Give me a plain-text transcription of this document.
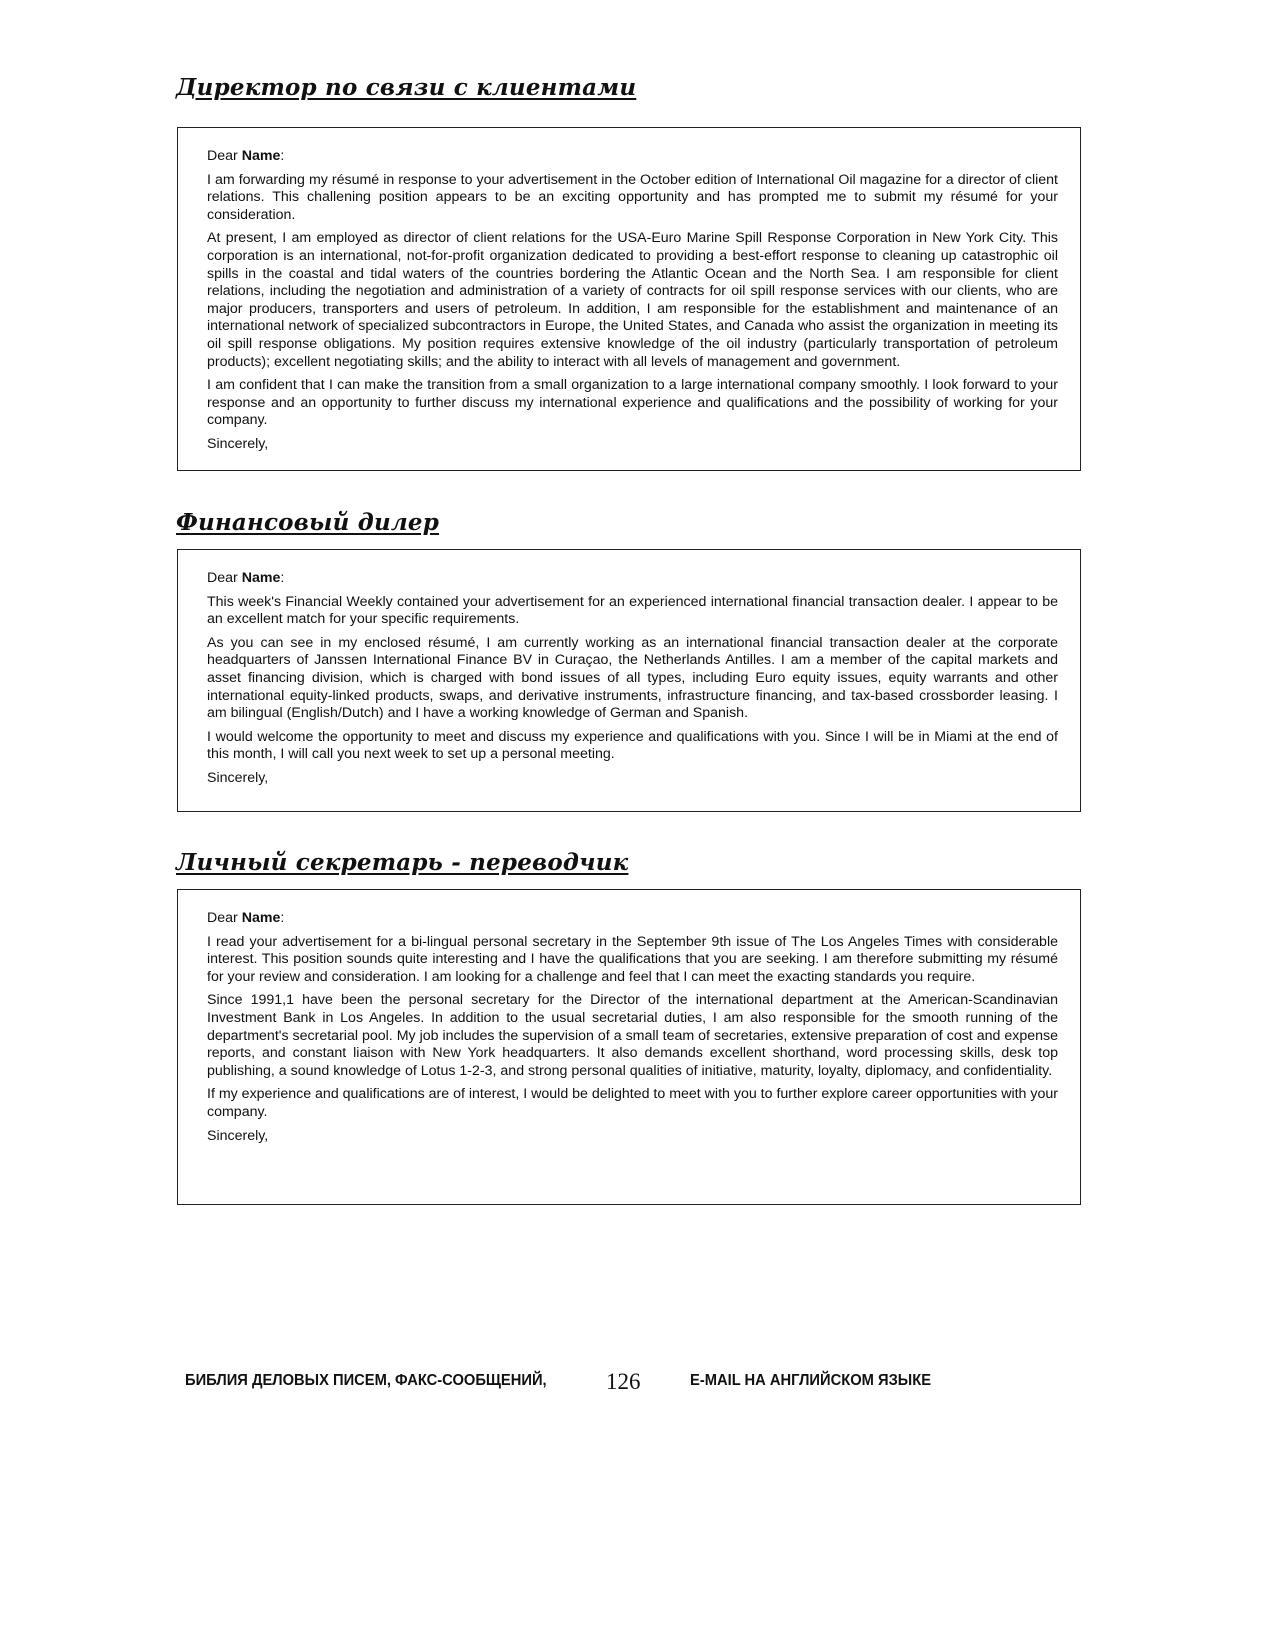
Директор по связи с клиентами

Dear Name:

I am forwarding my résumé in response to your advertisement in the October edition of International Oil magazine for a director of client relations. This challening position appears to be an exciting opportunity and has prompted me to submit my résumé for your consideration.

At present, I am employed as director of client relations for the USA-Euro Marine Spill Response Corporation in New York City. This corporation is an international, not-for-profit organization dedicated to providing a best-effort response to cleaning up catastrophic oil spills in the coastal and tidal waters of the countries bordering the Atlantic Ocean and the North Sea. I am responsible for client relations, including the negotiation and administration of a variety of contracts for oil spill response services with our clients, who are major producers, transporters and users of petroleum. In addition, I am responsible for the establishment and maintenance of an international network of specialized subcontractors in Europe, the United States, and Canada who assist the organization in meeting its oil spill response obligations. My position requires extensive knowledge of the oil industry (particularly transportation of petroleum products); excellent negotiating skills; and the ability to interact with all levels of management and government.

I am confident that I can make the transition from a small organization to a large international company smoothly. I look forward to your response and an opportunity to further discuss my international experience and qualifications and the possibility of working for your company.

Sincerely,

Финансовый дилер

Dear Name:

This week's Financial Weekly contained your advertisement for an experienced international financial transaction dealer. I appear to be an excellent match for your specific requirements.

As you can see in my enclosed résumé, I am currently working as an international financial transaction dealer at the corporate headquarters of Janssen International Finance BV in Curaçao, the Netherlands Antilles. I am a member of the capital markets and asset financing division, which is charged with bond issues of all types, including Euro equity issues, equity warrants and other international equity-linked products, swaps, and derivative instruments, infrastructure financing, and tax-based crossborder leasing. I am bilingual (English/Dutch) and I have a working knowledge of German and Spanish.

I would welcome the opportunity to meet and discuss my experience and qualifications with you. Since I will be in Miami at the end of this month, I will call you next week to set up a personal meeting.

Sincerely,

Личный секретарь - переводчик

Dear Name:

I read your advertisement for a bi-lingual personal secretary in the September 9th issue of The Los Angeles Times with considerable interest. This position sounds quite interesting and I have the qualifications that you are seeking. I am therefore submitting my résumé for your review and consideration. I am looking for a challenge and feel that I can meet the exacting standards you require.

Since 1991,1 have been the personal secretary for the Director of the international department at the American-Scandinavian Investment Bank in Los Angeles. In addition to the usual secretarial duties, I am also responsible for the smooth running of the department's secretarial pool. My job includes the supervision of a small team of secretaries, extensive preparation of cost and expense reports, and constant liaison with New York headquarters. It also demands excellent shorthand, word processing skills, desk top publishing, a sound knowledge of Lotus 1-2-3, and strong personal qualities of initiative, maturity, loyalty, diplomacy, and confidentiality.

If my experience and qualifications are of interest, I would be delighted to meet with you to further explore career opportunities with your company.

Sincerely,

БИБЛИЯ ДЕЛОВЫХ ПИСЕМ, ФАКС-СООБЩЕНИЙ,	126	E-MAIL НА АНГЛИЙСКОМ ЯЗЫКЕ
